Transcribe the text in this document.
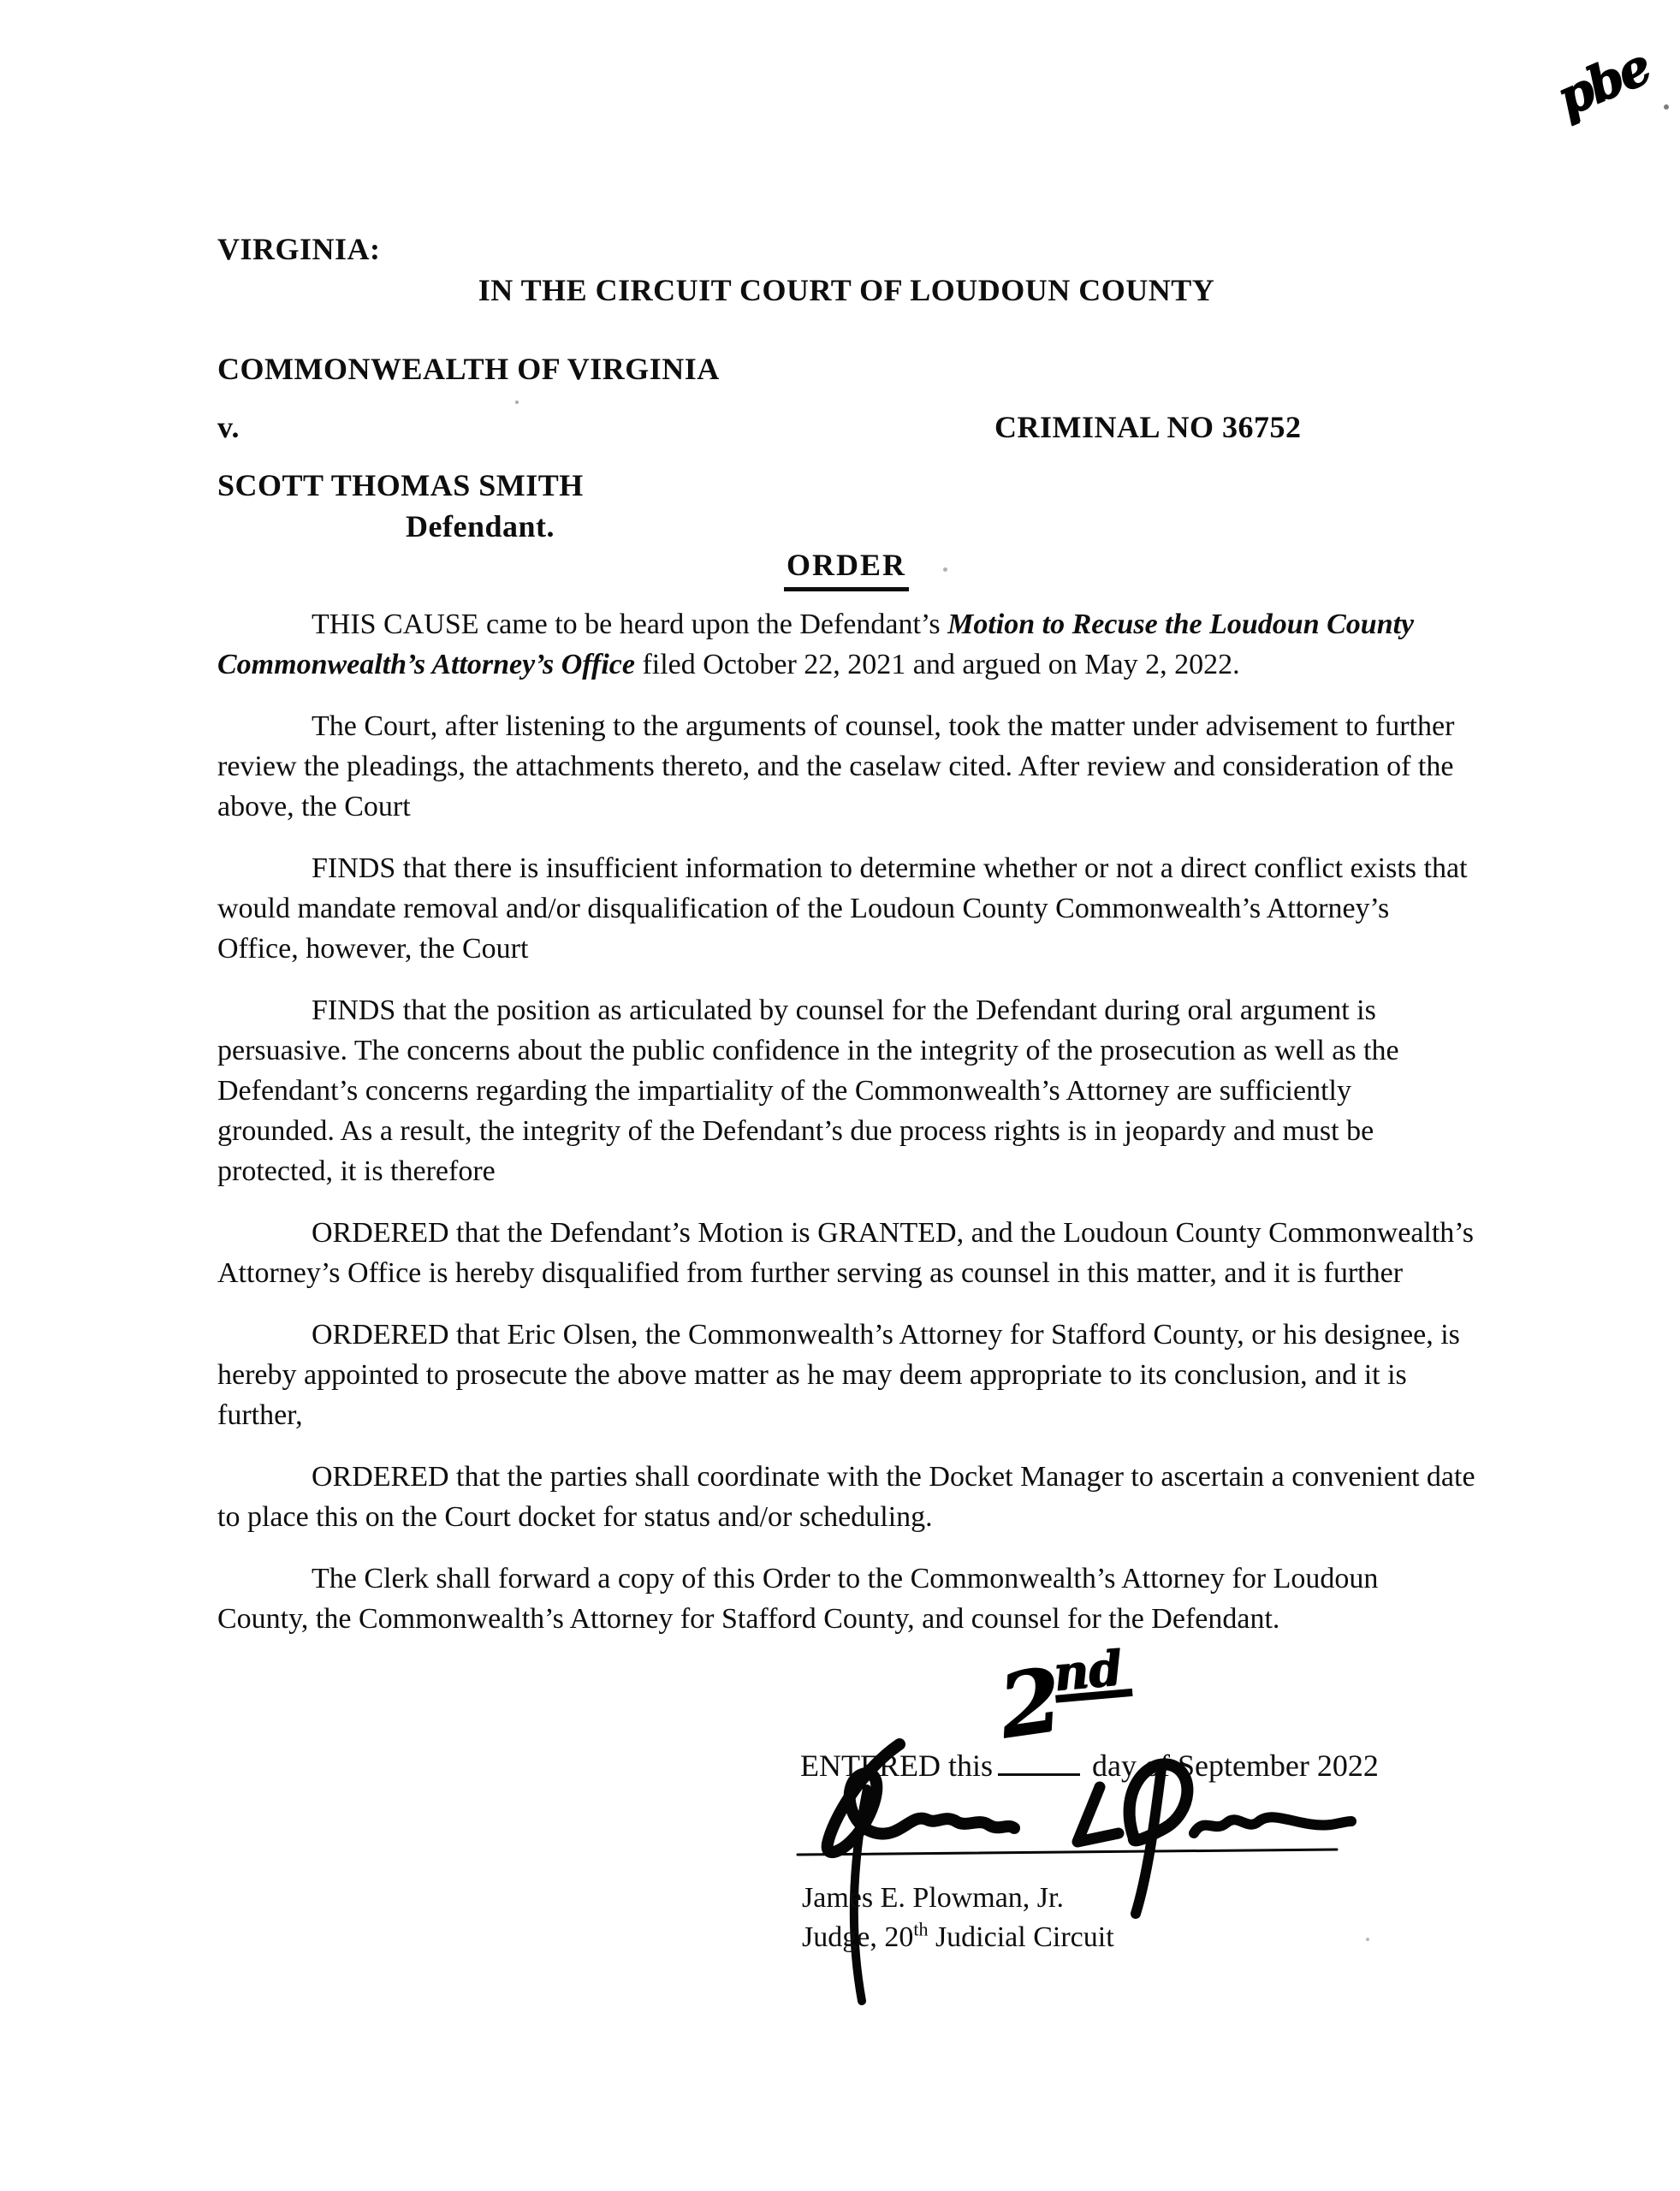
pbe
VIRGINIA:
IN THE CIRCUIT COURT OF LOUDOUN COUNTY
COMMONWEALTH OF VIRGINIA
v.	CRIMINAL NO 36752
SCOTT THOMAS SMITH
Defendant.
ORDER

THIS CAUSE came to be heard upon the Defendant’s Motion to Recuse the Loudoun County Commonwealth’s Attorney’s Office filed October 22, 2021 and argued on May 2, 2022.

The Court, after listening to the arguments of counsel, took the matter under advisement to further review the pleadings, the attachments thereto, and the caselaw cited. After review and consideration of the above, the Court

FINDS that there is insufficient information to determine whether or not a direct conflict exists that would mandate removal and/or disqualification of the Loudoun County Commonwealth’s Attorney’s Office, however, the Court

FINDS that the position as articulated by counsel for the Defendant during oral argument is persuasive. The concerns about the public confidence in the integrity of the prosecution as well as the Defendant’s concerns regarding the impartiality of the Commonwealth’s Attorney are sufficiently grounded. As a result, the integrity of the Defendant’s due process rights is in jeopardy and must be protected, it is therefore

ORDERED that the Defendant’s Motion is GRANTED, and the Loudoun County Commonwealth’s Attorney’s Office is hereby disqualified from further serving as counsel in this matter, and it is further

ORDERED that Eric Olsen, the Commonwealth’s Attorney for Stafford County, or his designee, is hereby appointed to prosecute the above matter as he may deem appropriate to its conclusion, and it is further,

ORDERED that the parties shall coordinate with the Docket Manager to ascertain a convenient date to place this on the Court docket for status and/or scheduling.

The Clerk shall forward a copy of this Order to the Commonwealth’s Attorney for Loudoun County, the Commonwealth’s Attorney for Stafford County, and counsel for the Defendant.

ENTERED this	day of September 2022
2nd
James E. Plowman, Jr.
Judge, 20th Judicial Circuit
